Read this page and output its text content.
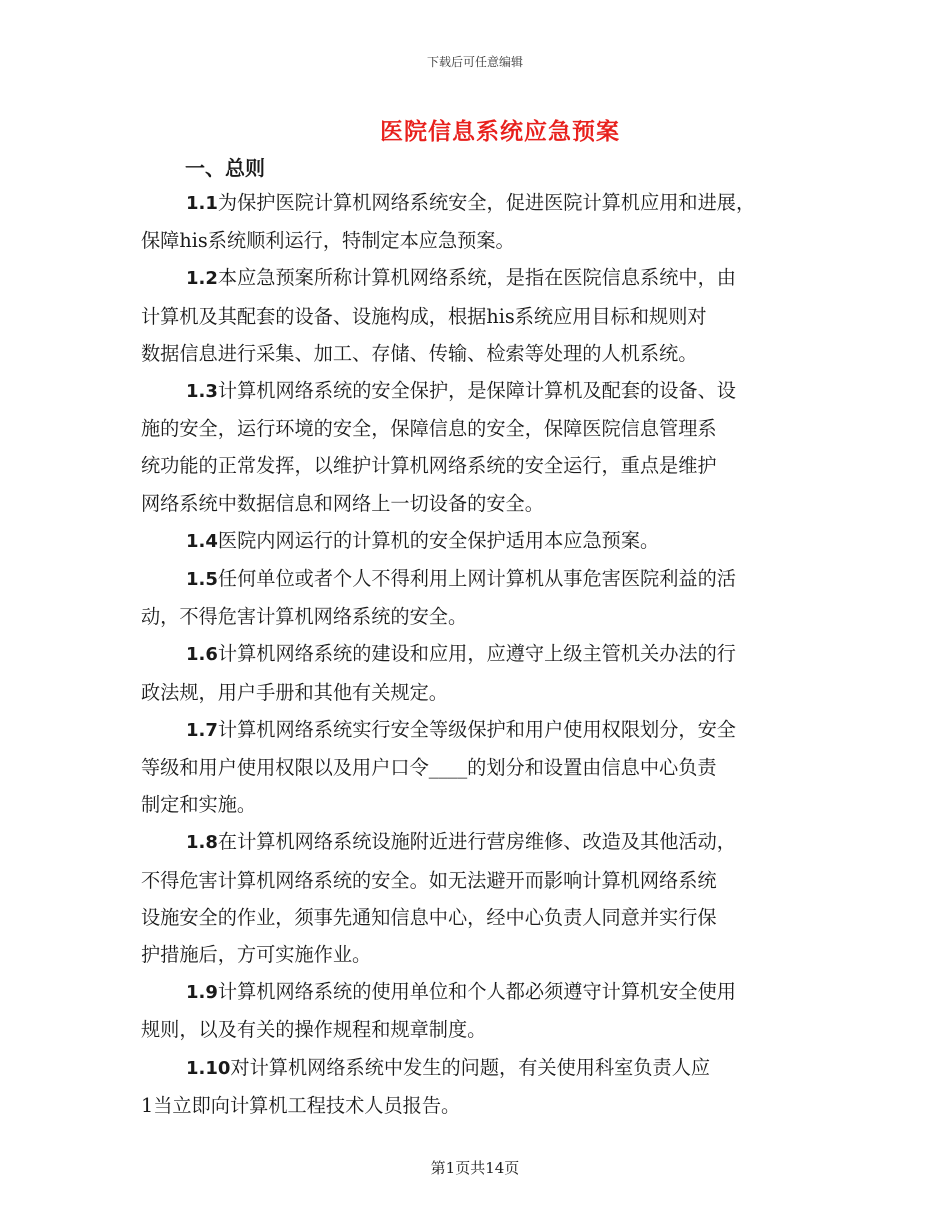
下载后可任意编辑
医院信息系统应急预案
一、总则
1.1为保护医院计算机网络系统安全，促进医院计算机应用和进展，
保障his系统顺利运行，特制定本应急预案。
1.2本应急预案所称计算机网络系统，是指在医院信息系统中，由
计算机及其配套的设备、设施构成，根据his系统应用目标和规则对
数据信息进行采集、加工、存储、传输、检索等处理的人机系统。
1.3计算机网络系统的安全保护，是保障计算机及配套的设备、设
施的安全，运行环境的安全，保障信息的安全，保障医院信息管理系
统功能的正常发挥，以维护计算机网络系统的安全运行，重点是维护
网络系统中数据信息和网络上一切设备的安全。
1.4医院内网运行的计算机的安全保护适用本应急预案。
1.5任何单位或者个人不得利用上网计算机从事危害医院利益的活
动，不得危害计算机网络系统的安全。
1.6计算机网络系统的建设和应用，应遵守上级主管机关办法的行
政法规，用户手册和其他有关规定。
1.7计算机网络系统实行安全等级保护和用户使用权限划分，安全
等级和用户使用权限以及用户口令____的划分和设置由信息中心负责
制定和实施。
1.8在计算机网络系统设施附近进行营房维修、改造及其他活动，
不得危害计算机网络系统的安全。如无法避开而影响计算机网络系统
设施安全的作业，须事先通知信息中心，经中心负责人同意并实行保
护措施后，方可实施作业。
1.9计算机网络系统的使用单位和个人都必须遵守计算机安全使用
规则，以及有关的操作规程和规章制度。
1.10对计算机网络系统中发生的问题，有关使用科室负责人应
1当立即向计算机工程技术人员报告。
第1页共14页
